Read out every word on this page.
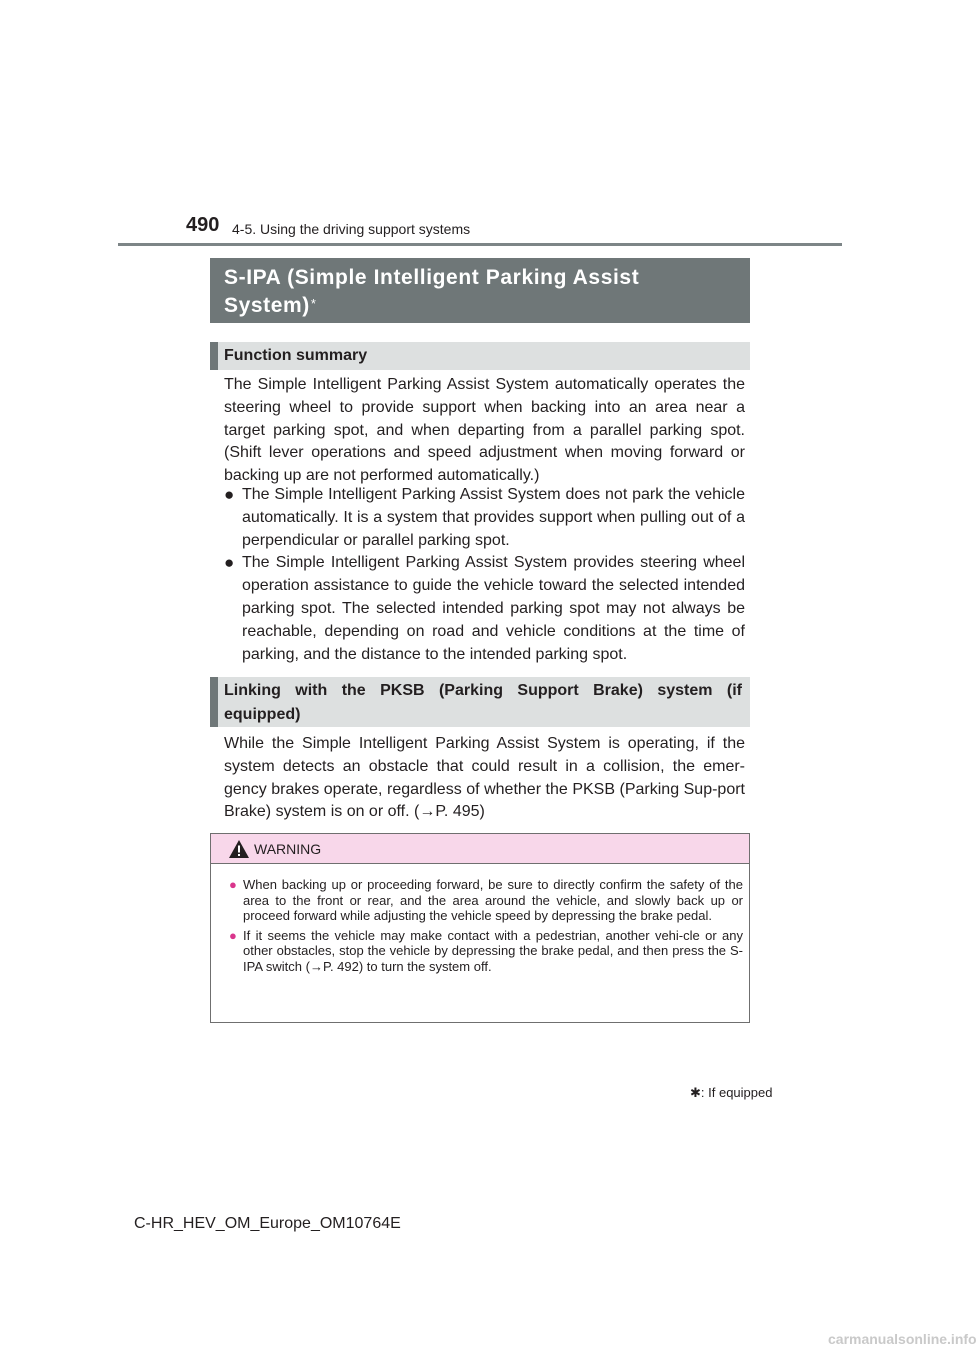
490 4-5. Using the driving support systems
S-IPA (Simple Intelligent Parking Assist
System)*
Function summary
The Simple Intelligent Parking Assist System automatically operates the steering wheel to provide support when backing into an area near a target parking spot, and when departing from a parallel parking spot. (Shift lever operations and speed adjustment when moving forward or backing up are not performed automatically.)
● The Simple Intelligent Parking Assist System does not park the vehicle automatically. It is a system that provides support when pulling out of a perpendicular or parallel parking spot.
● The Simple Intelligent Parking Assist System provides steering wheel operation assistance to guide the vehicle toward the selected intended parking spot. The selected intended parking spot may not always be reachable, depending on road and vehicle conditions at the time of parking, and the distance to the intended parking spot.
Linking with the PKSB (Parking Support Brake) system (if equipped)
While the Simple Intelligent Parking Assist System is operating, if the system detects an obstacle that could result in a collision, the emer-gency brakes operate, regardless of whether the PKSB (Parking Sup-port Brake) system is on or off. (→P. 495)
WARNING
● When backing up or proceeding forward, be sure to directly confirm the safety of the area to the front or rear, and the area around the vehicle, and slowly back up or proceed forward while adjusting the vehicle speed by depressing the brake pedal.
● If it seems the vehicle may make contact with a pedestrian, another vehi-cle or any other obstacles, stop the vehicle by depressing the brake pedal, and then press the S-IPA switch (→P. 492) to turn the system off.
✱: If equipped
C-HR_HEV_OM_Europe_OM10764E
carmanualsonline.info
